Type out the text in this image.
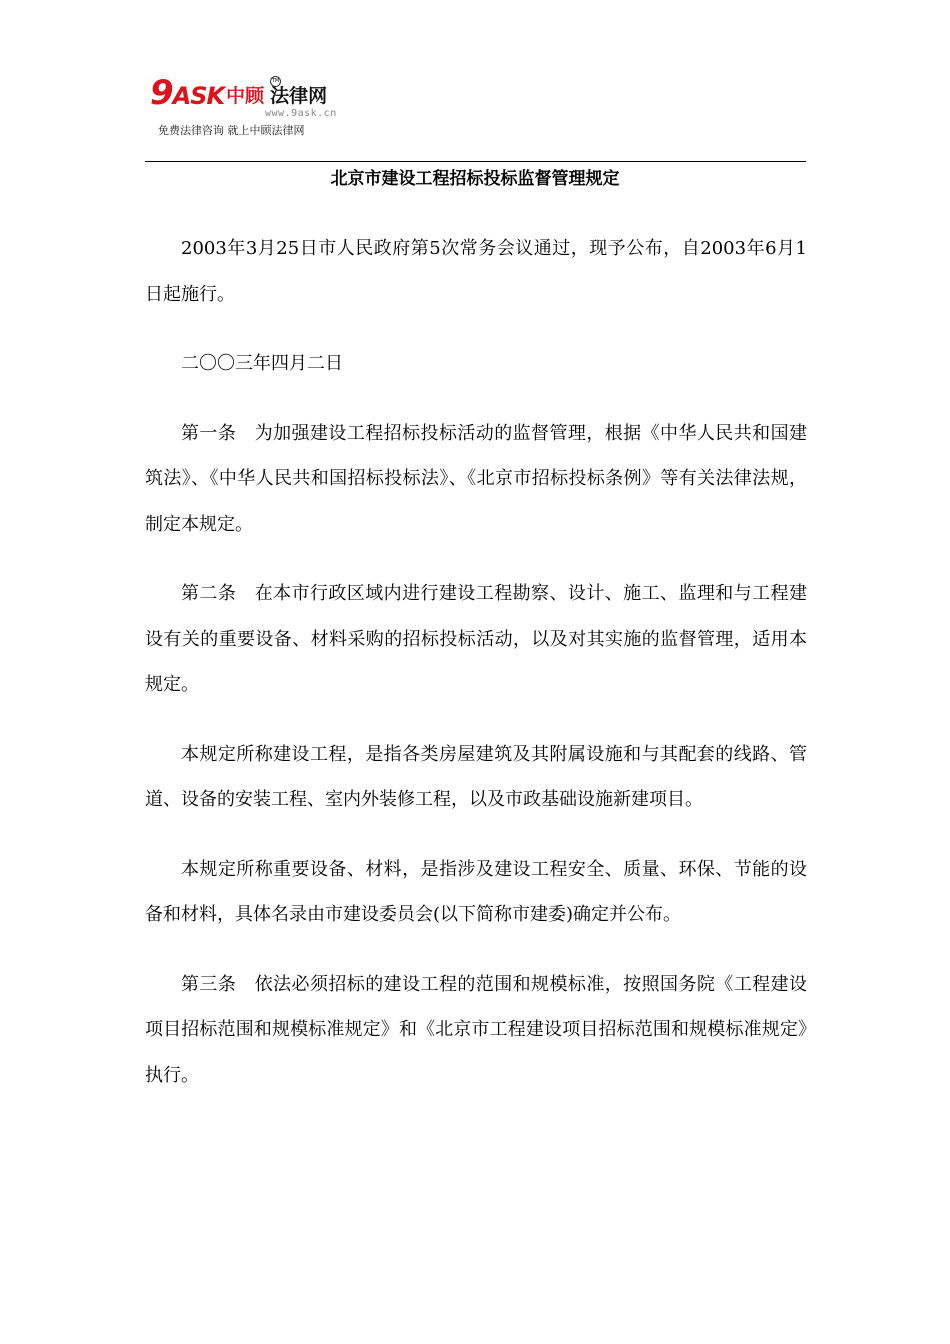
9 ASK 中顾 法律网
TM
www.9ask.cn
免费法律咨询 就上中顾法律网
北京市建设工程招标投标监督管理规定

2003年3月25日市人民政府第5次常务会议通过，现予公布，自2003年6月1日起施行。

二〇〇三年四月二日

第一条　为加强建设工程招标投标活动的监督管理，根据《中华人民共和国建筑法》、《中华人民共和国招标投标法》、《北京市招标投标条例》等有关法律法规，制定本规定。

第二条　在本市行政区域内进行建设工程勘察、设计、施工、监理和与工程建设有关的重要设备、材料采购的招标投标活动，以及对其实施的监督管理，适用本规定。

本规定所称建设工程，是指各类房屋建筑及其附属设施和与其配套的线路、管道、设备的安装工程、室内外装修工程，以及市政基础设施新建项目。

本规定所称重要设备、材料，是指涉及建设工程安全、质量、环保、节能的设备和材料，具体名录由市建设委员会(以下简称市建委)确定并公布。

第三条　依法必须招标的建设工程的范围和规模标准，按照国务院《工程建设项目招标范围和规模标准规定》和《北京市工程建设项目招标范围和规模标准规定》执行。
